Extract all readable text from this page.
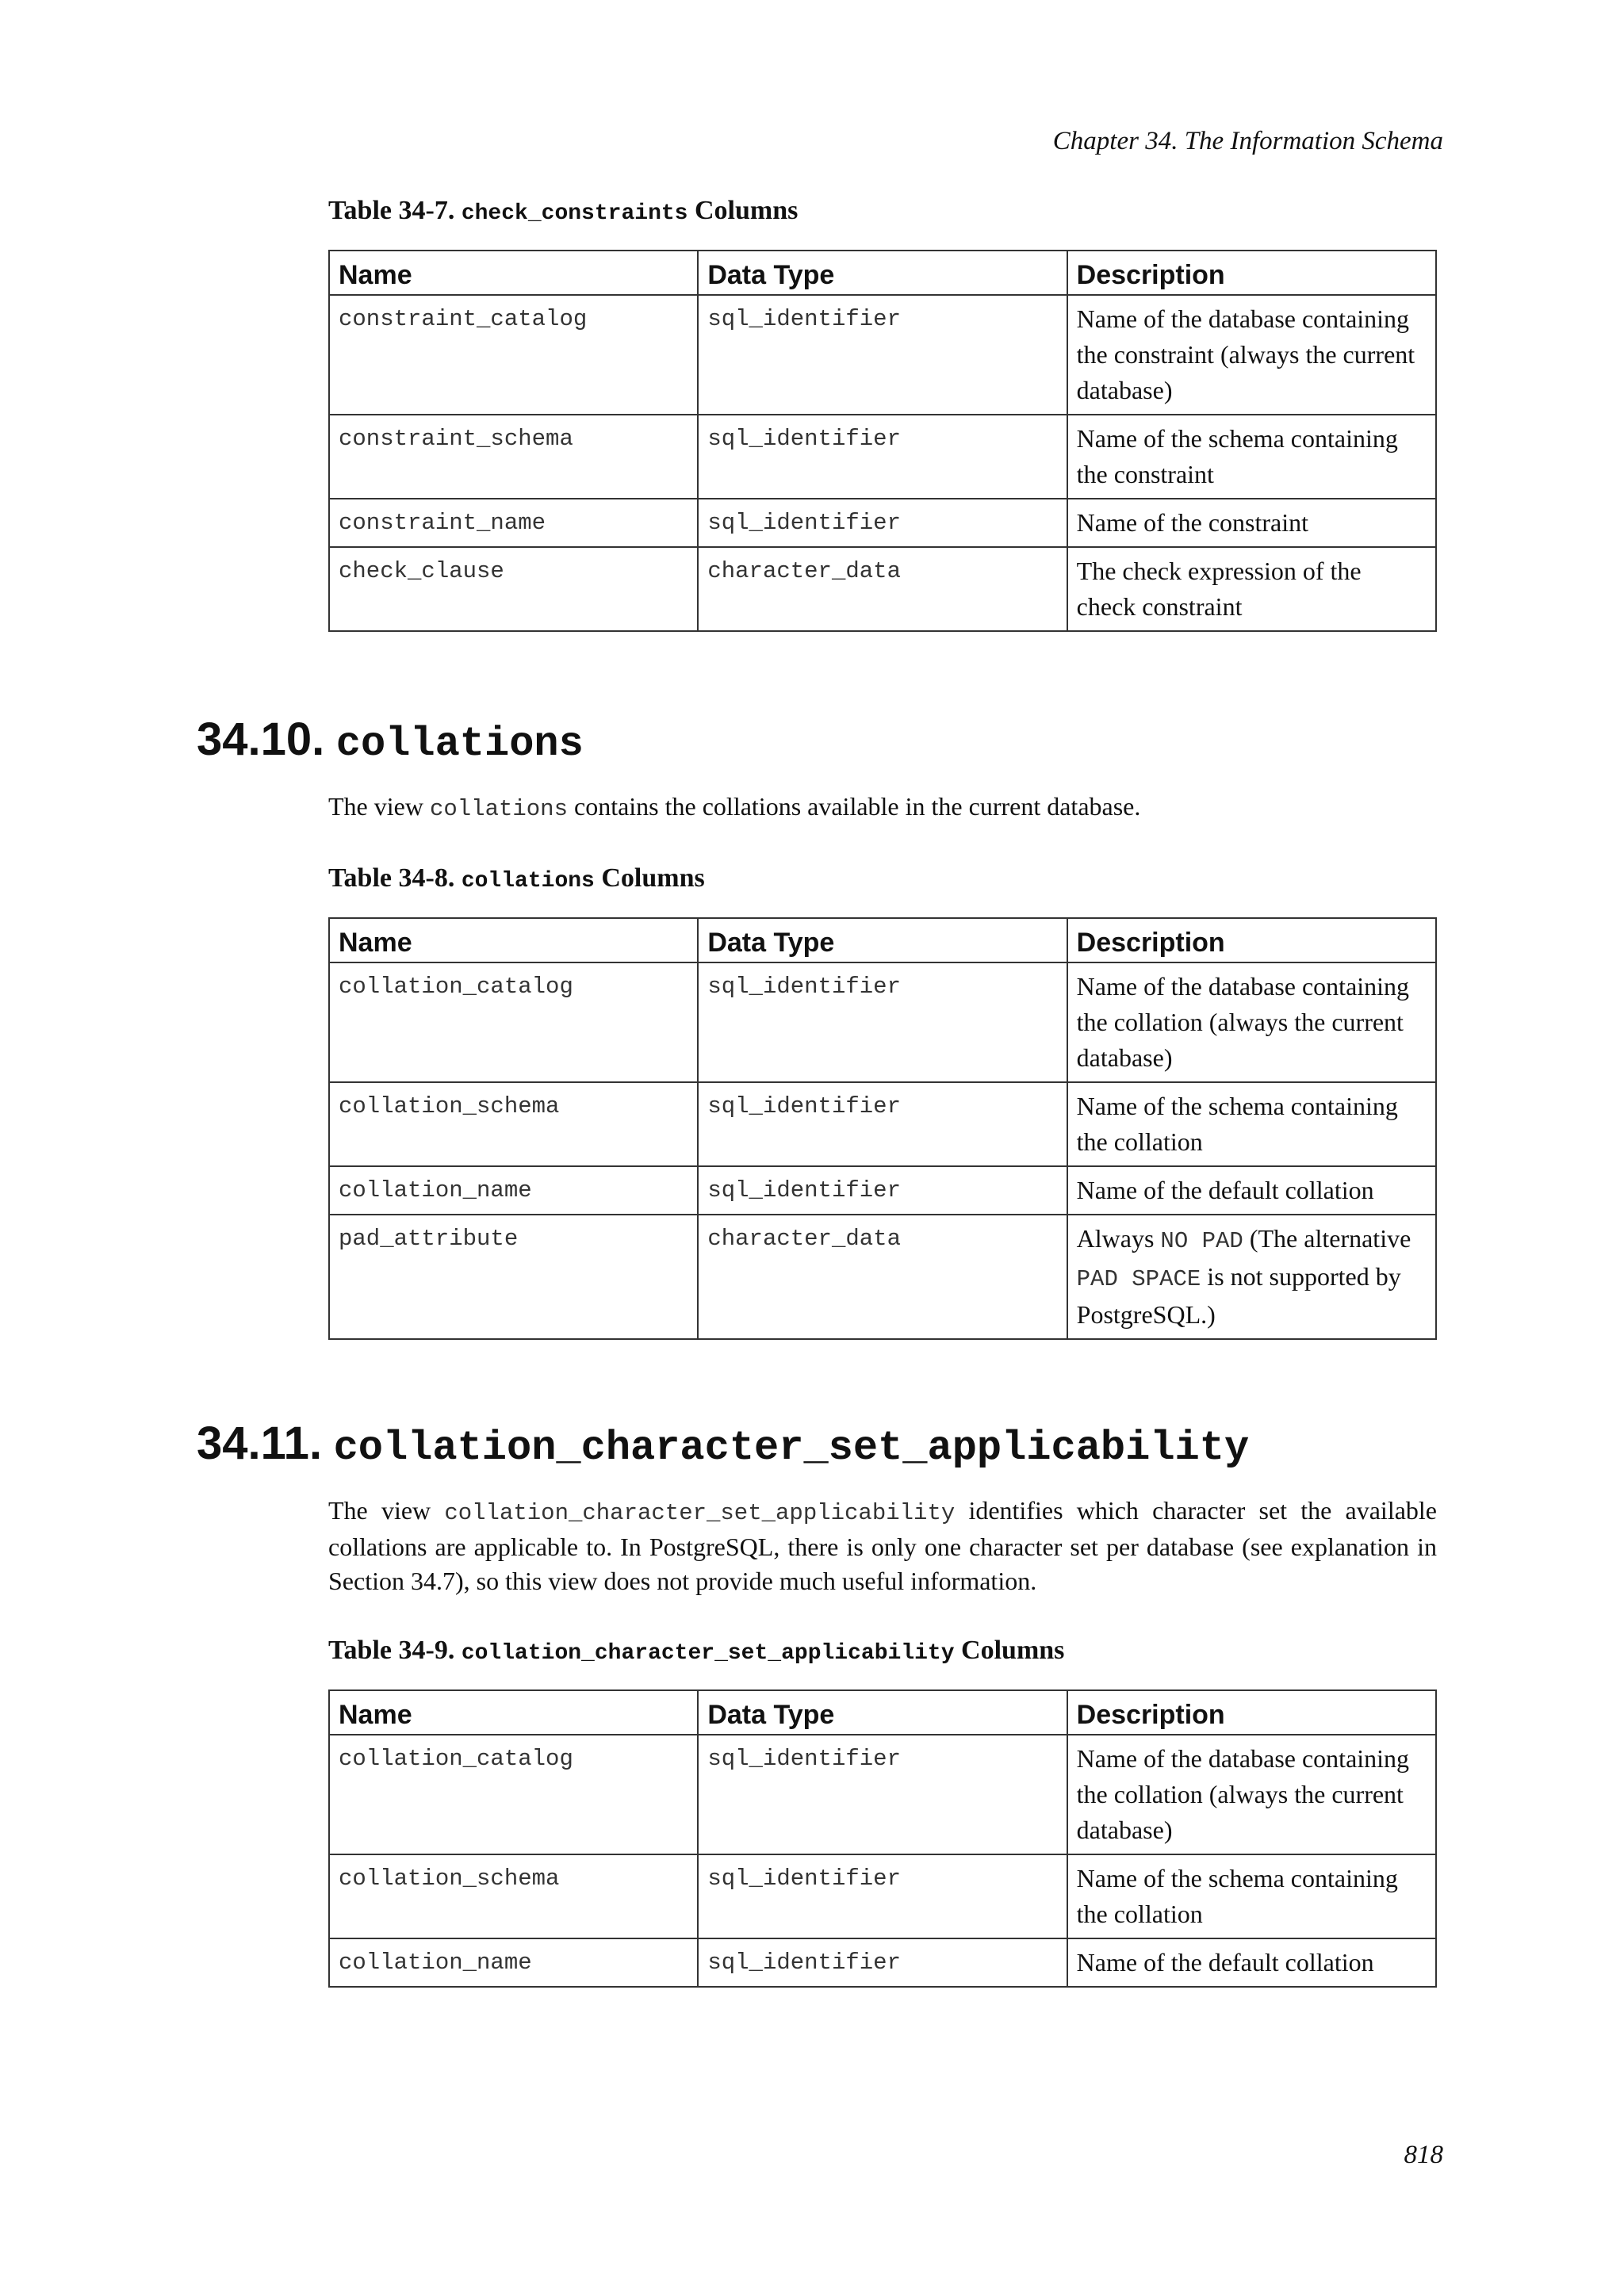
Chapter 34. The Information Schema
Table 34-7. check_constraints Columns
Name	Data Type	Description
constraint_catalog	sql_identifier	Name of the database containing the constraint (always the current database)
constraint_schema	sql_identifier	Name of the schema containing the constraint
constraint_name	sql_identifier	Name of the constraint
check_clause	character_data	The check expression of the check constraint
34.10. collations

The view collations contains the collations available in the current database.

Table 34-8. collations Columns
Name	Data Type	Description
collation_catalog	sql_identifier	Name of the database containing the collation (always the current database)
collation_schema	sql_identifier	Name of the schema containing the collation
collation_name	sql_identifier	Name of the default collation
pad_attribute	character_data	Always NO PAD (The alternative PAD SPACE is not supported by PostgreSQL.)
34.11. collation_character_set_applicability

The view collation_character_set_applicability identifies which character set the available collations are applicable to. In PostgreSQL, there is only one character set per database (see explanation in Section 34.7), so this view does not provide much useful information.

Table 34-9. collation_character_set_applicability Columns
Name	Data Type	Description
collation_catalog	sql_identifier	Name of the database containing the collation (always the current database)
collation_schema	sql_identifier	Name of the schema containing the collation
collation_name	sql_identifier	Name of the default collation
818
